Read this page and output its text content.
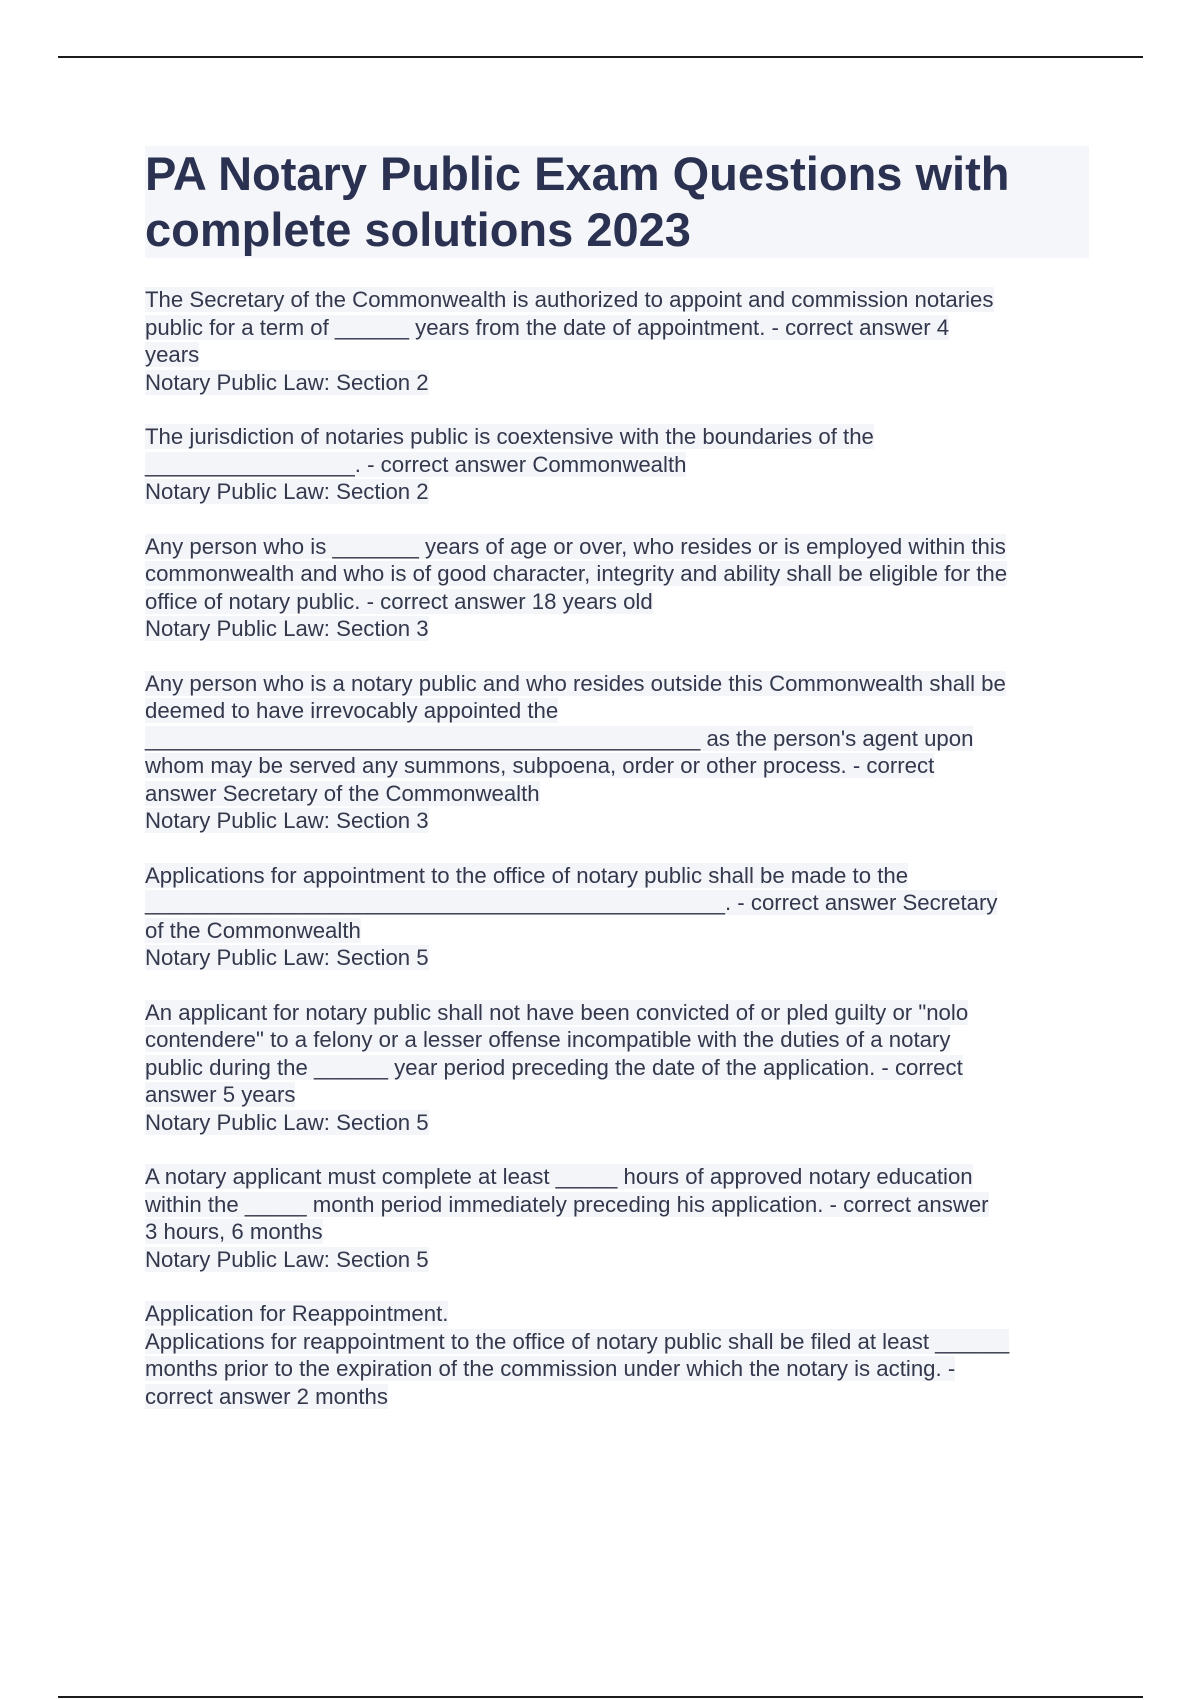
PA Notary Public Exam Questions with
complete solutions 2023
The Secretary of the Commonwealth is authorized to appoint and commission notaries
public for a term of ______ years from the date of appointment. - correct answer 4
years
Notary Public Law: Section 2
The jurisdiction of notaries public is coextensive with the boundaries of the
_________________. - correct answer Commonwealth
Notary Public Law: Section 2
Any person who is _______ years of age or over, who resides or is employed within this
commonwealth and who is of good character, integrity and ability shall be eligible for the
office of notary public. - correct answer 18 years old
Notary Public Law: Section 3
Any person who is a notary public and who resides outside this Commonwealth shall be
deemed to have irrevocably appointed the
_____________________________________________ as the person's agent upon
whom may be served any summons, subpoena, order or other process. - correct
answer Secretary of the Commonwealth
Notary Public Law: Section 3
Applications for appointment to the office of notary public shall be made to the
_______________________________________________. - correct answer Secretary
of the Commonwealth
Notary Public Law: Section 5
An applicant for notary public shall not have been convicted of or pled guilty or "nolo
contendere" to a felony or a lesser offense incompatible with the duties of a notary
public during the ______ year period preceding the date of the application. - correct
answer 5 years
Notary Public Law: Section 5
A notary applicant must complete at least _____ hours of approved notary education
within the _____ month period immediately preceding his application. - correct answer
3 hours, 6 months
Notary Public Law: Section 5
Application for Reappointment.
Applications for reappointment to the office of notary public shall be filed at least ______
months prior to the expiration of the commission under which the notary is acting. -
correct answer 2 months
